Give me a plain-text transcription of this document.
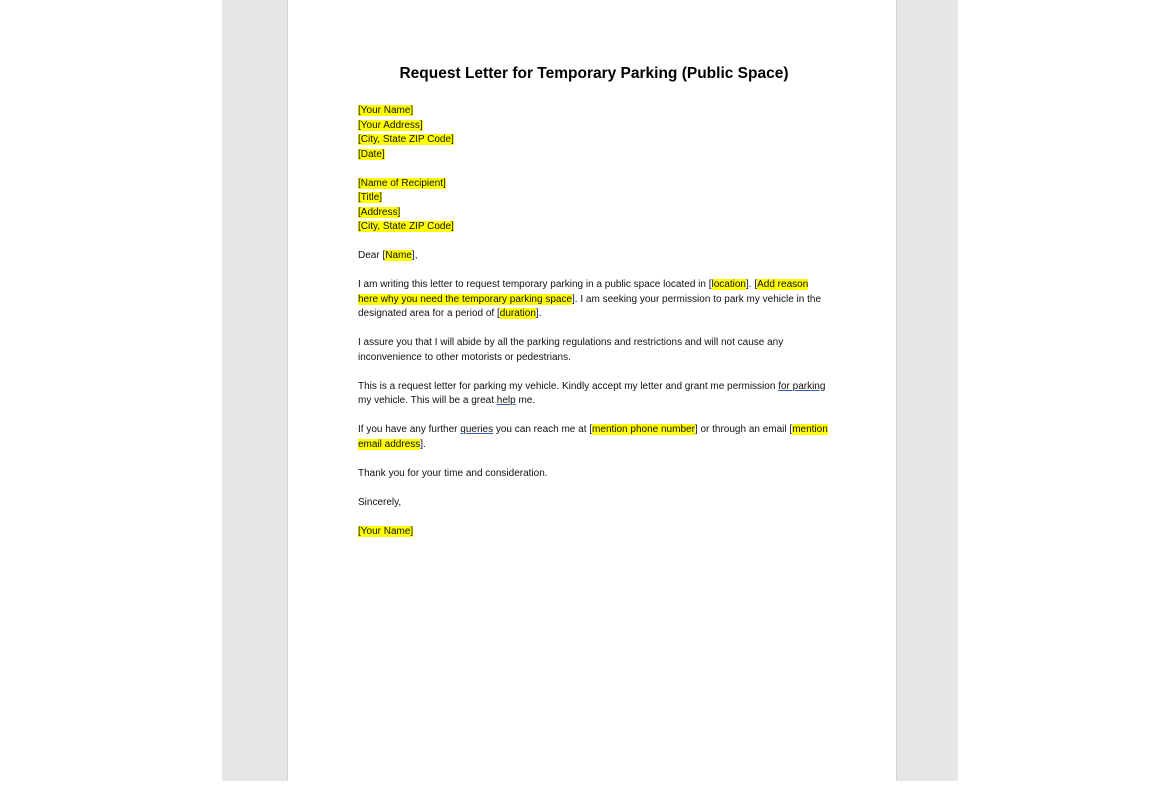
Request Letter for Temporary Parking (Public Space)
[Your Name]
[Your Address]
[City, State ZIP Code]
[Date]
[Name of Recipient]
[Title]
[Address]
[City, State ZIP Code]

Dear [Name],

I am writing this letter to request temporary parking in a public space located in [location]. [Add reason here why you need the temporary parking space]. I am seeking your permission to park my vehicle in the designated area for a period of [duration].

I assure you that I will abide by all the parking regulations and restrictions and will not cause any inconvenience to other motorists or pedestrians.

This is a request letter for parking my vehicle. Kindly accept my letter and grant me permission for parking my vehicle. This will be a great help me.

If you have any further queries you can reach me at [mention phone number] or through an email [mention email address].

Thank you for your time and consideration.

Sincerely,

[Your Name]
